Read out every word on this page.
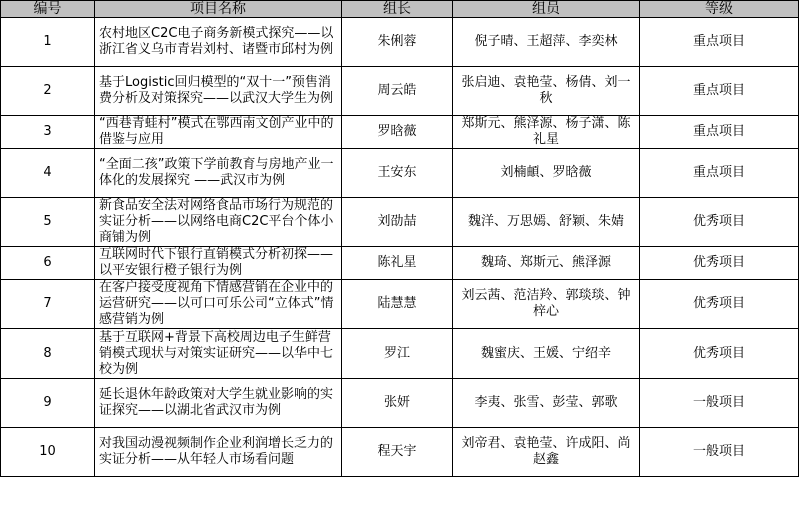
编号	项目名称	组长	组员	等级
1	农村地区C2C电子商务新模式探究——以浙江省义乌市青岩刘村、诸暨市邱村为例	朱俐蓉	倪子晴、王超萍、李奕林	重点项目
2	基于Logistic回归模型的“双十一”预售消费分析及对策探究——以武汉大学生为例	周云皓	张启迪、袁艳莹、杨倩、刘一秋	重点项目
3	“西巷青蛙村”模式在鄂西南文创产业中的借鉴与应用	罗晗薇	郑斯元、熊泽源、杨子潇、陈礼星	重点项目
4	“全面二孩”政策下学前教育与房地产业一体化的发展探究 ——武汉市为例	王安东	刘楠頔、罗晗薇	重点项目
5	新食品安全法对网络食品市场行为规范的实证分析——以网络电商C2C平台个体小商铺为例	刘劭喆	魏洋、万思嫣、舒颖、朱婧	优秀项目
6	互联网时代下银行直销模式分析初探——以平安银行橙子银行为例	陈礼星	魏琦、郑斯元、熊泽源	优秀项目
7	在客户接受度视角下情感营销在企业中的运营研究——以可口可乐公司“立体式”情感营销为例	陆慧慧	刘云茜、范洁羚、郭琰琰、钟梓心	优秀项目
8	基于互联网+背景下高校周边电子生鲜营销模式现状与对策实证研究——以华中七校为例	罗江	魏蜜庆、王媛、宁绍辛	优秀项目
9	延长退休年龄政策对大学生就业影响的实证探究——以湖北省武汉市为例	张妍	李夷、张雪、彭莹、郭歌	一般项目
10	对我国动漫视频制作企业利润增长乏力的实证分析——从年轻人市场看问题	程天宇	刘帝君、袁艳莹、许成阳、尚赵鑫	一般项目
